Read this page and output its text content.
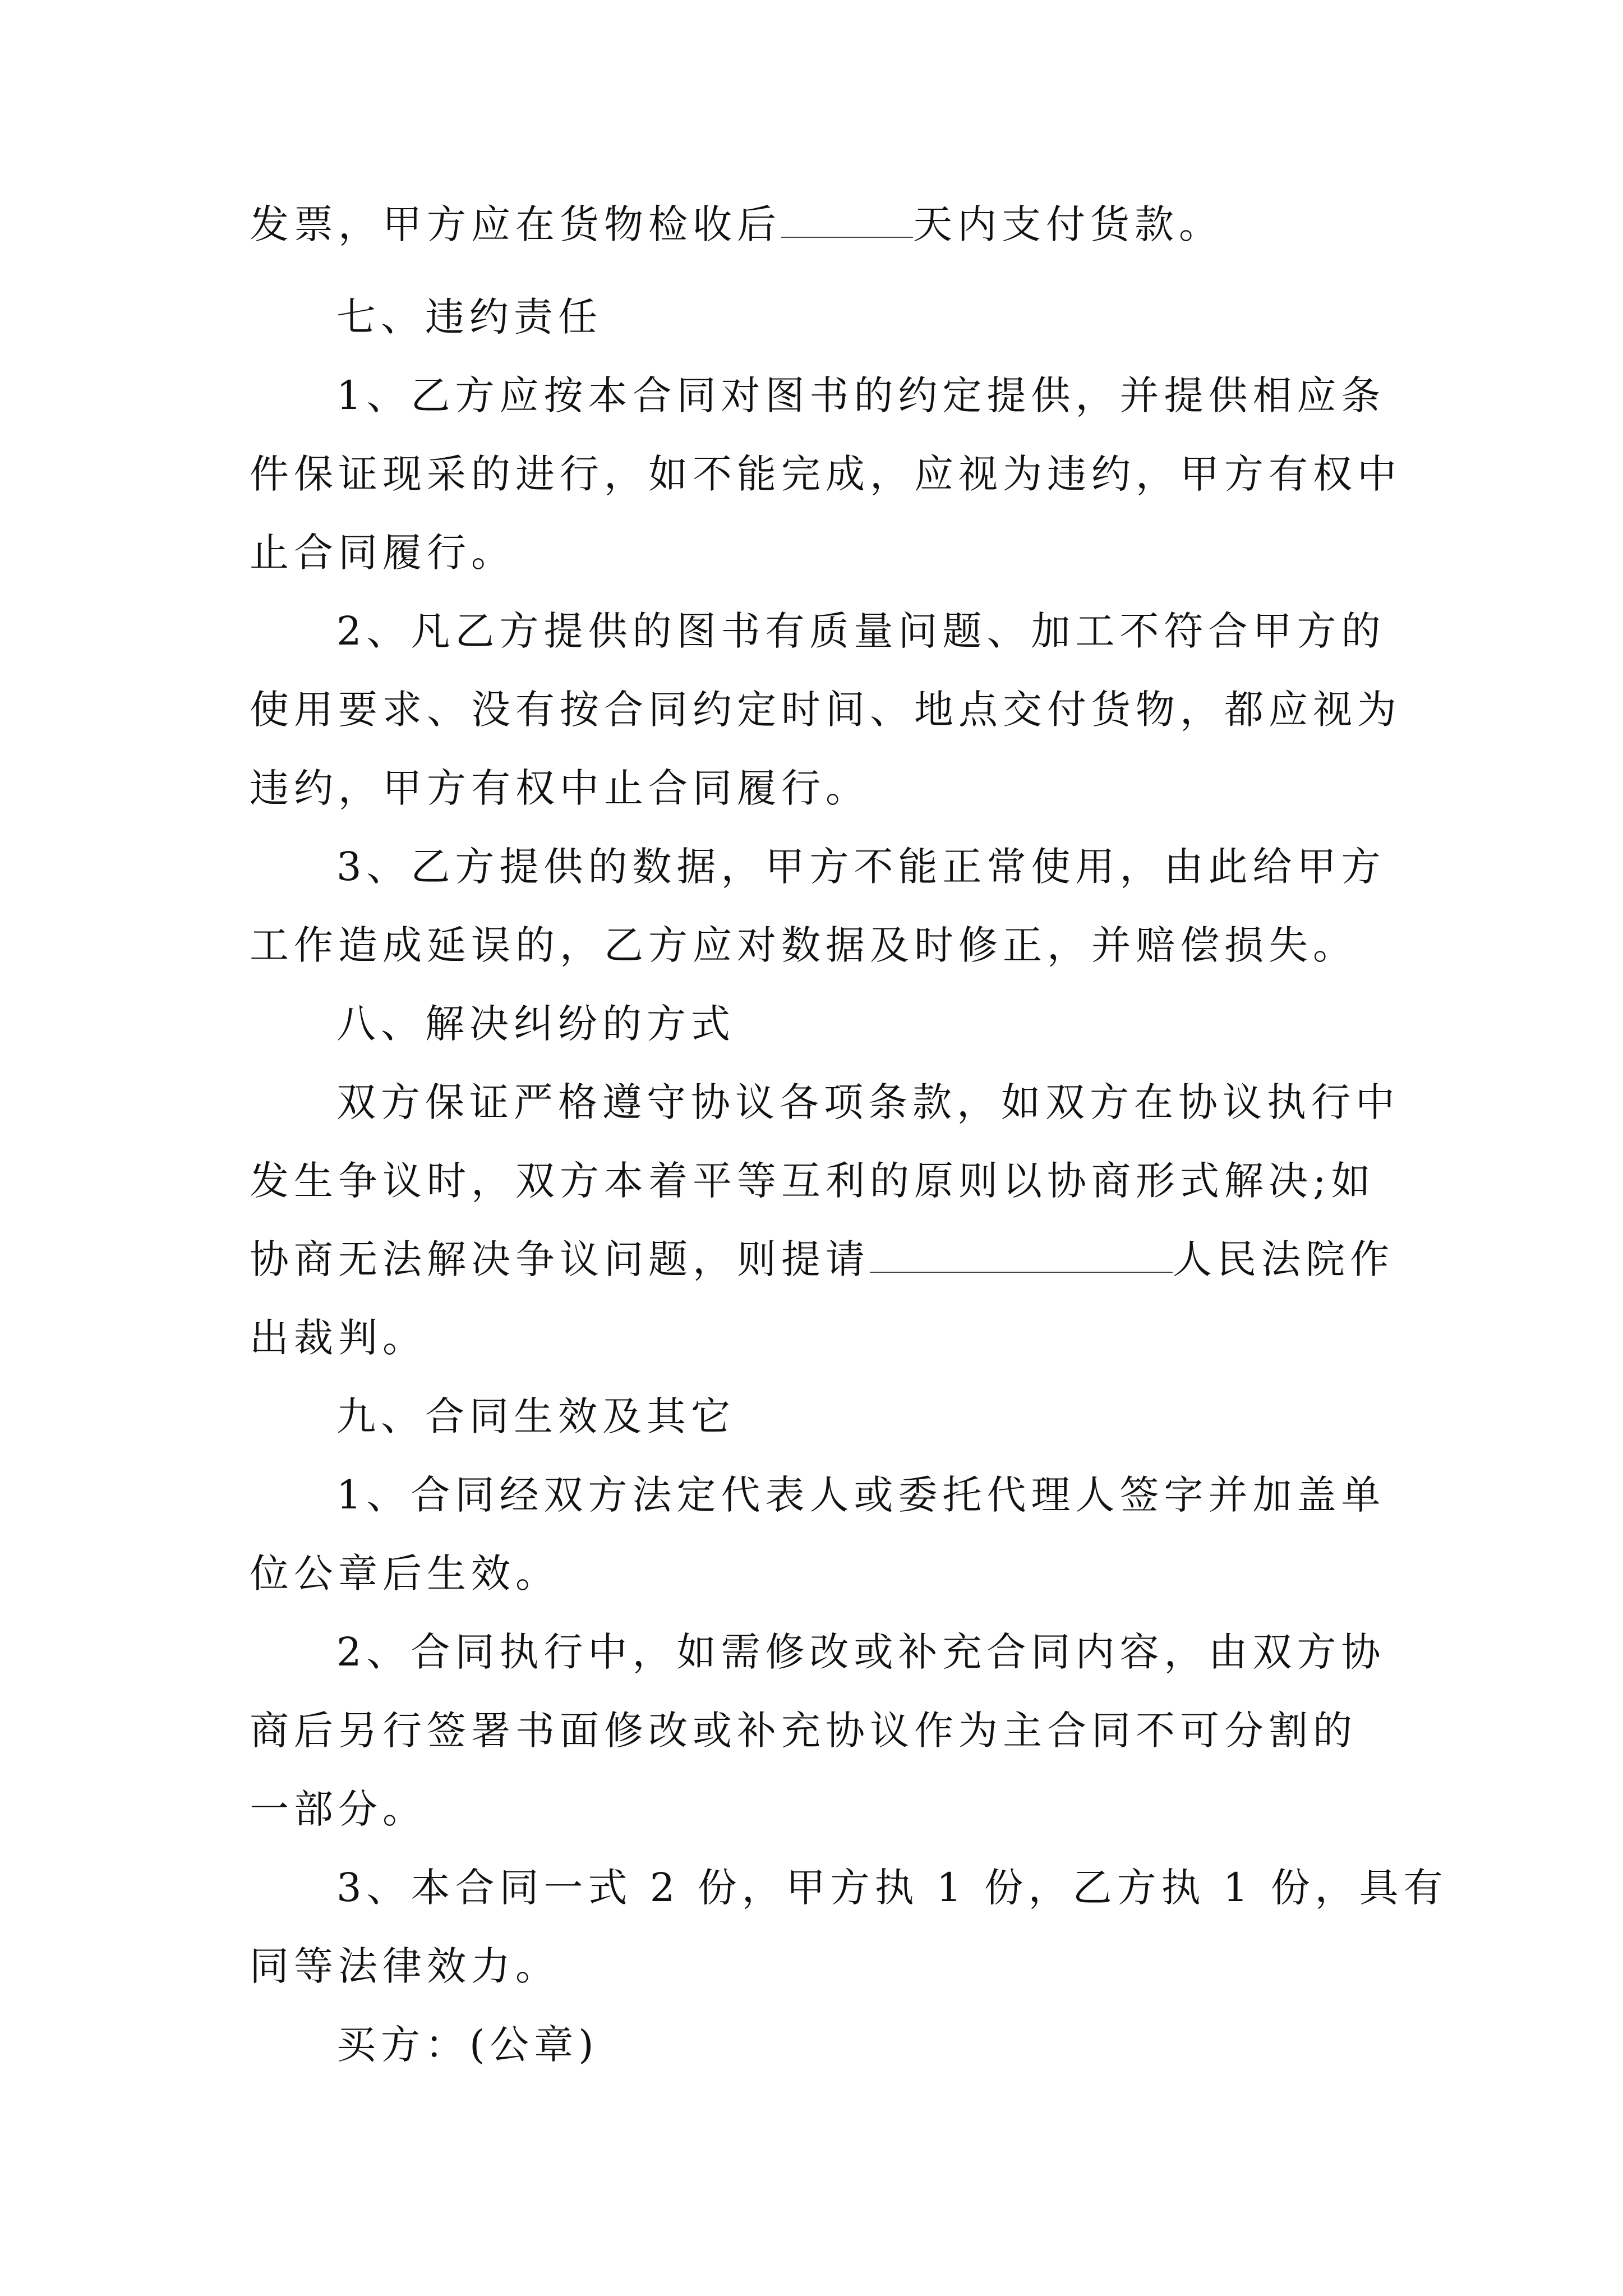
发票，甲方应在货物检收后	天内支付货款。
七、违约责任
1、乙方应按本合同对图书的约定提供，并提供相应条
件保证现采的进行，如不能完成，应视为违约，甲方有权中
止合同履行。
2、凡乙方提供的图书有质量问题、加工不符合甲方的
使用要求、没有按合同约定时间、地点交付货物，都应视为
违约，甲方有权中止合同履行。
3、乙方提供的数据，甲方不能正常使用，由此给甲方
工作造成延误的，乙方应对数据及时修正，并赔偿损失。
八、解决纠纷的方式
双方保证严格遵守协议各项条款，如双方在协议执行中
发生争议时，双方本着平等互利的原则以协商形式解决;如
协商无法解决争议问题，则提请	人民法院作
出裁判。
九、合同生效及其它
1、合同经双方法定代表人或委托代理人签字并加盖单
位公章后生效。
2、合同执行中，如需修改或补充合同内容，由双方协
商后另行签署书面修改或补充协议作为主合同不可分割的
一部分。
3、本合同一式 2 份，甲方执 1 份，乙方执 1 份，具有
同等法律效力。
买方：(公章)
